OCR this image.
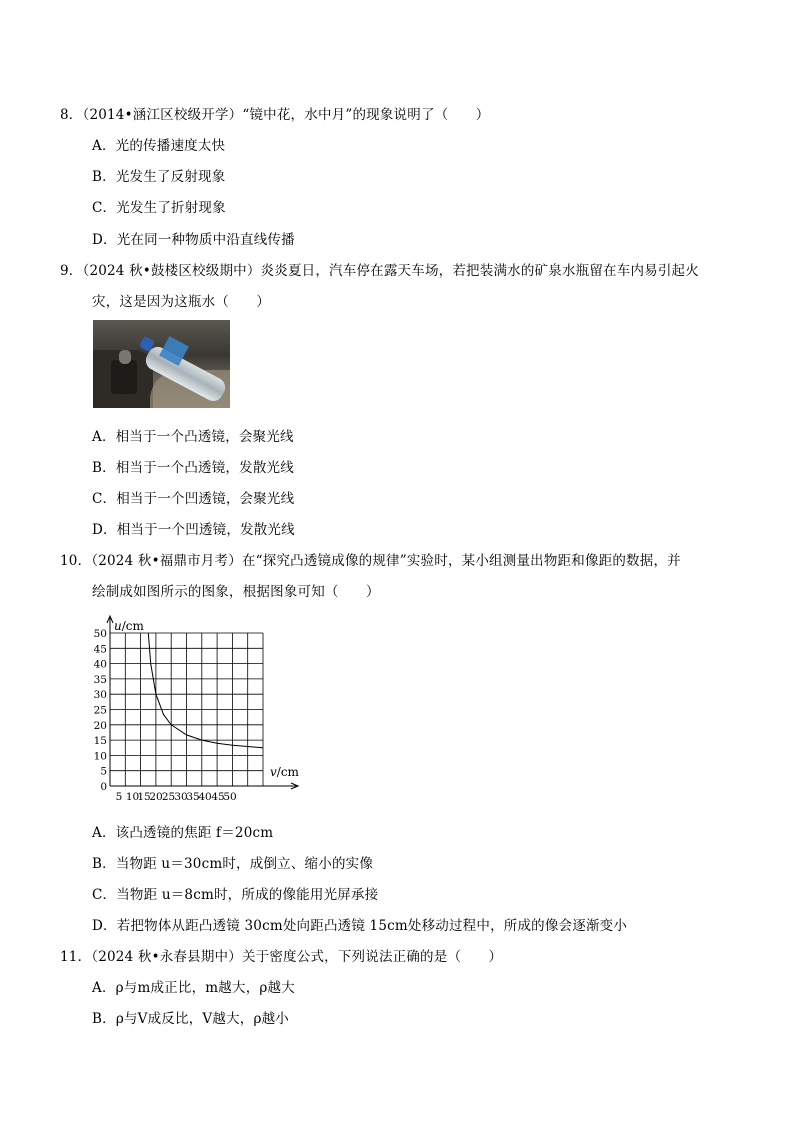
8．（2014•涵江区校级开学）“镜中花，水中月”的现象说明了（　　）
A．光的传播速度太快
B．光发生了反射现象
C．光发生了折射现象
D．光在同一种物质中沿直线传播
9．（2024 秋•鼓楼区校级期中）炎炎夏日，汽车停在露天车场，若把装满水的矿泉水瓶留在车内易引起火
灾，这是因为这瓶水（　　）
A．相当于一个凸透镜，会聚光线
B．相当于一个凸透镜，发散光线
C．相当于一个凹透镜，会聚光线
D．相当于一个凹透镜，发散光线
10．（2024 秋•福鼎市月考）在“探究凸透镜成像的规律”实验时，某小组测量出物距和像距的数据，并
绘制成如图所示的图象，根据图象可知（　　）
0
5
10
15
20
25
30
35
40
45
50
5 10
15
20 25 30
35
40 45
50
u/cm
v/cm
A．该凸透镜的焦距 f＝20cm
B．当物距 u＝30cm时，成倒立、缩小的实像
C．当物距 u＝8cm时，所成的像能用光屏承接
D．若把物体从距凸透镜 30cm处向距凸透镜 15cm处移动过程中，所成的像会逐渐变小
11．（2024 秋•永春县期中）关于密度公式，下列说法正确的是（　　）
A．ρ与m成正比，m越大，ρ越大
B．ρ与V成反比，V越大，ρ越小
